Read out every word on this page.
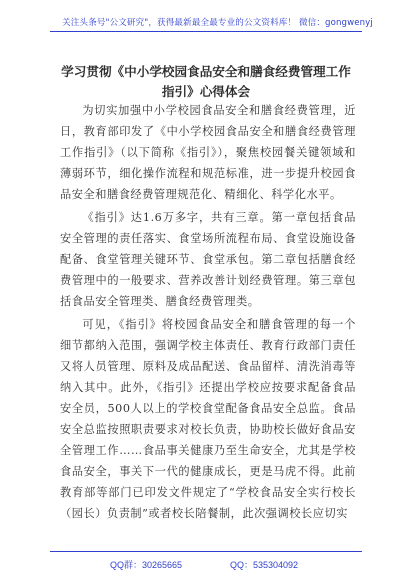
关注头条号"公文研究"，获得最新最全最专业的公文资料库！ 微信：gongwenyj
学习贯彻《中小学校园食品安全和膳食经费管理工作指引》心得体会

为切实加强中小学校园食品安全和膳食经费管理，近日，教育部印发了《中小学校园食品安全和膳食经费管理工作指引》（以下简称《指引》），聚焦校园餐关键领域和薄弱环节，细化操作流程和规范标准，进一步提升校园食品安全和膳食经费管理规范化、精细化、科学化水平。

《指引》达1.6万多字，共有三章。第一章包括食品安全管理的责任落实、食堂场所流程布局、食堂设施设备配备、食堂管理关键环节、食堂承包。第二章包括膳食经费管理中的一般要求、营养改善计划经费管理。第三章包括食品安全管理类、膳食经费管理类。

可见，《指引》将校园食品安全和膳食管理的每一个细节都纳入范围，强调学校主体责任、教育行政部门责任又将人员管理、原料及成品配送、食品留样、清洗消毒等纳入其中。此外，《指引》还提出学校应按要求配备食品安全员，500人以上的学校食堂配备食品安全总监。食品安全总监按照职责要求对校长负责，协助校长做好食品安全管理工作……食品事关健康乃至生命安全，尤其是学校食品安全，事关下一代的健康成长，更是马虎不得。此前教育部等部门已印发文件规定了“学校食品安全实行校长（园长）负责制”或者校长陪餐制，此次强调校长应切实

QQ群：30265665	QQ：535304092
